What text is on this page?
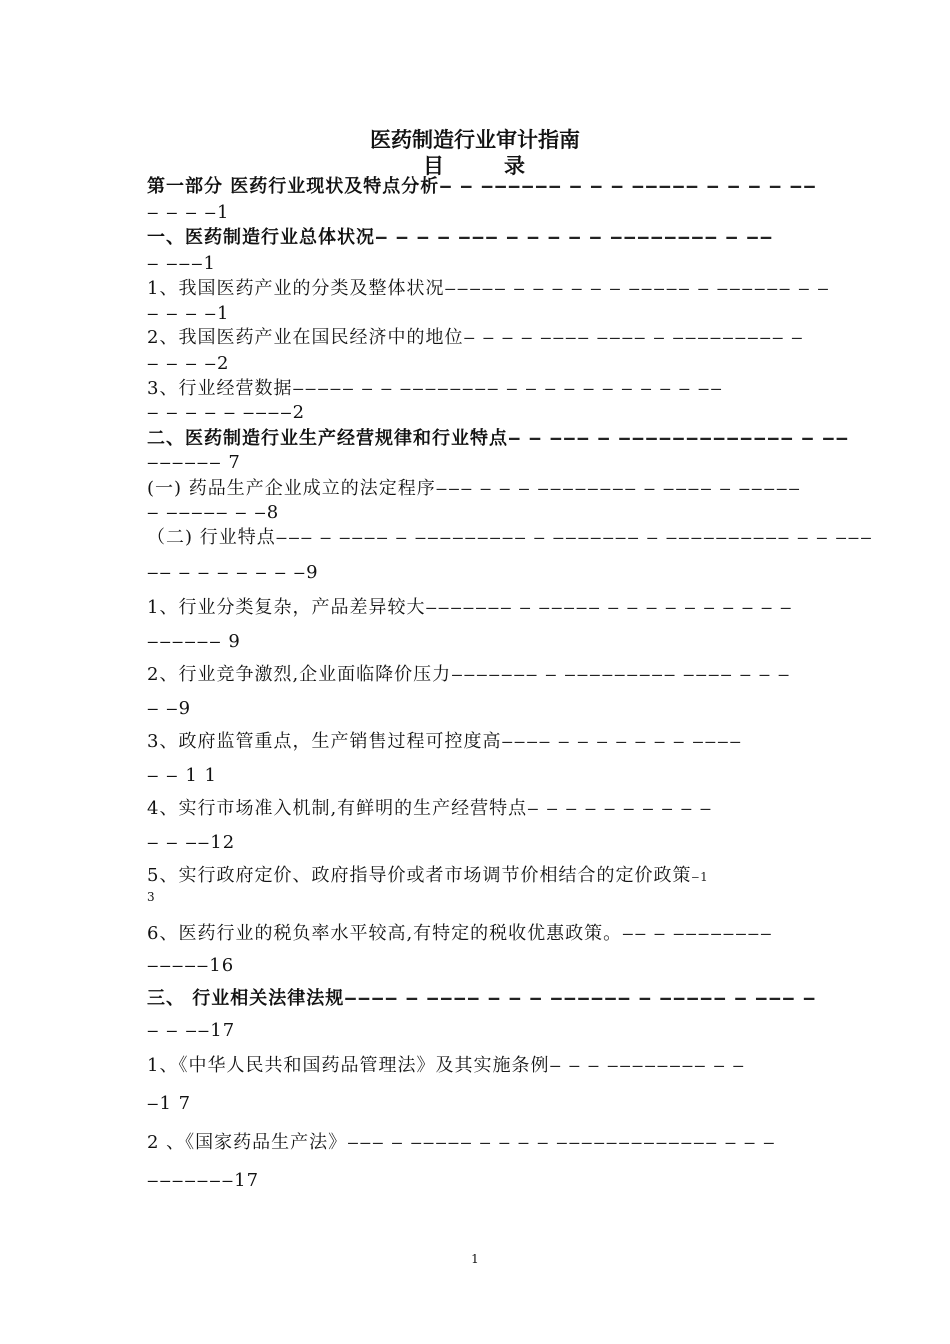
医药制造行业审计指南
目	录
第一部分 医药行业现状及特点分析‒ ‒ ‒‒‒‒‒‒ ‒ ‒ ‒ ‒‒‒‒‒ ‒ ‒ ‒ ‒ ‒‒
‒ ‒ ‒ ‒1
一、医药制造行业总体状况‒ ‒ ‒ ‒ ‒‒‒ ‒ ‒ ‒ ‒ ‒ ‒‒‒‒‒‒‒‒ ‒ ‒‒
‒ ‒‒‒1
1、我国医药产业的分类及整体状况‒‒‒‒‒ ‒ ‒ ‒ ‒ ‒ ‒ ‒‒‒‒‒ ‒ ‒‒‒‒‒‒ ‒ ‒
‒ ‒ ‒ ‒1
2、我国医药产业在国民经济中的地位‒ ‒ ‒ ‒ ‒‒‒‒ ‒‒‒‒ ‒ ‒‒‒‒‒‒‒‒‒ ‒
‒ ‒ ‒ ‒2
3、行业经营数据‒‒‒‒‒ ‒ ‒ ‒‒‒‒‒‒‒‒ ‒ ‒ ‒ ‒ ‒ ‒ ‒ ‒ ‒ ‒ ‒‒
‒ ‒ ‒ ‒ ‒ ‒‒‒‒2
二、医药制造行业生产经营规律和行业特点‒ ‒ ‒‒‒ ‒ ‒‒‒‒‒‒‒‒‒‒‒‒‒ ‒ ‒‒
‒‒‒‒‒‒ 7
(一) 药品生产企业成立的法定程序‒‒‒ ‒ ‒ ‒ ‒‒‒‒‒‒‒‒ ‒ ‒‒‒‒ ‒ ‒‒‒‒‒
‒ ‒‒‒‒‒ ‒ ‒8
（二) 行业特点‒‒‒ ‒ ‒‒‒‒ ‒ ‒‒‒‒‒‒‒‒‒ ‒ ‒‒‒‒‒‒‒ ‒ ‒‒‒‒‒‒‒‒‒‒ ‒ ‒ ‒‒‒
‒‒ ‒ ‒ ‒ ‒ ‒ ‒ ‒9
1、行业分类复杂，产品差异较大‒‒‒‒‒‒‒ ‒ ‒‒‒‒‒ ‒ ‒ ‒ ‒ ‒ ‒ ‒ ‒ ‒ ‒
‒‒‒‒‒‒ 9
2、行业竞争激烈,企业面临降价压力‒‒‒‒‒‒‒ ‒ ‒‒‒‒‒‒‒‒‒ ‒‒‒‒ ‒ ‒ ‒
‒ ‒9
3、政府监管重点，生产销售过程可控度高‒‒‒‒ ‒ ‒ ‒ ‒ ‒ ‒ ‒ ‒‒‒‒
‒ ‒ 1 1
4、实行市场准入机制,有鲜明的生产经营特点‒ ‒ ‒ ‒ ‒ ‒ ‒ ‒ ‒ ‒
‒ ‒ ‒‒12
5、实行政府定价、政府指导价或者市场调节价相结合的定价政策‒1
3
6、医药行业的税负率水平较高,有特定的税收优惠政策。‒‒ ‒ ‒‒‒‒‒‒‒‒
‒‒‒‒‒16
三、 行业相关法律法规‒‒‒‒ ‒ ‒‒‒‒ ‒ ‒ ‒ ‒‒‒‒‒‒ ‒ ‒‒‒‒‒ ‒ ‒‒‒ ‒
‒ ‒ ‒‒17
1、《中华人民共和国药品管理法》及其实施条例‒ ‒ ‒ ‒‒‒‒‒‒‒‒ ‒ ‒
‒1 7
2 、《国家药品生产法》‒‒‒ ‒ ‒‒‒‒‒ ‒ ‒ ‒ ‒ ‒‒‒‒‒‒‒‒‒‒‒‒‒ ‒ ‒ ‒
‒‒‒‒‒‒‒17
1
